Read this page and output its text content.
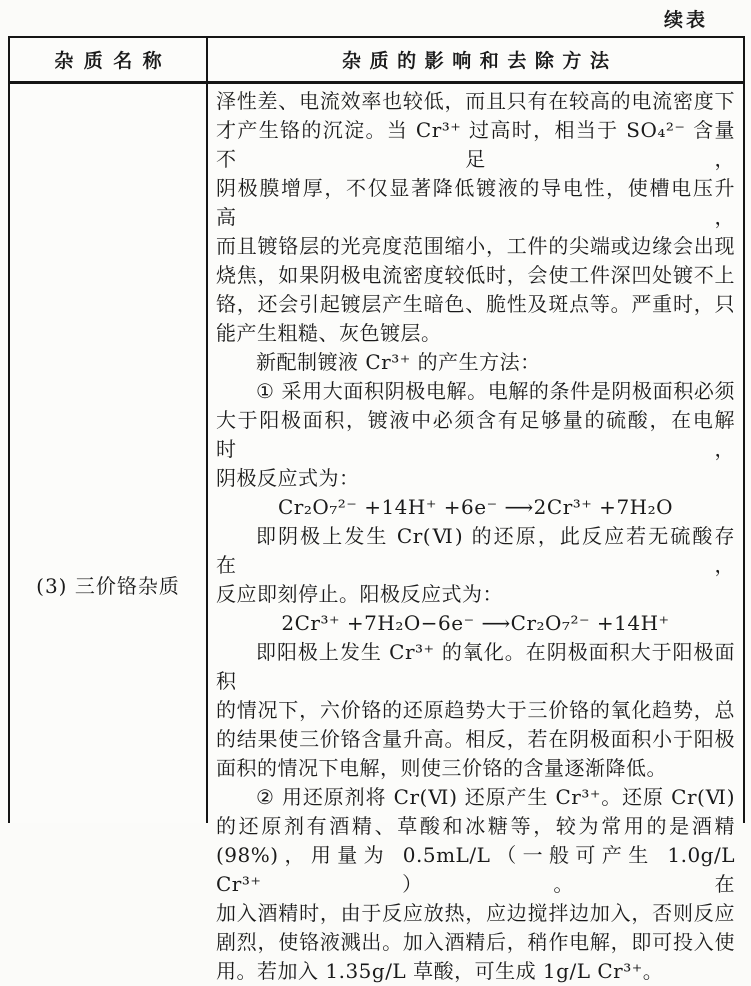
续表
杂质名称	杂质的影响和去除方法
(3) 三价铬杂质
泽性差、电流效率也较低，而且只有在较高的电流密度下
才产生铬的沉淀。当 Cr³⁺ 过高时，相当于 SO₄²⁻ 含量不足，
阴极膜增厚，不仅显著降低镀液的导电性，使槽电压升高，
而且镀铬层的光亮度范围缩小，工件的尖端或边缘会出现
烧焦，如果阴极电流密度较低时，会使工件深凹处镀不上
铬，还会引起镀层产生暗色、脆性及斑点等。严重时，只
能产生粗糙、灰色镀层。
新配制镀液 Cr³⁺ 的产生方法：
① 采用大面积阴极电解。电解的条件是阴极面积必须
大于阳极面积，镀液中必须含有足够量的硫酸，在电解时，
阴极反应式为：
Cr₂O₇²⁻ +14H⁺ +6e⁻ ⟶2Cr³⁺ +7H₂O
即阴极上发生 Cr(Ⅵ) 的还原，此反应若无硫酸存在，
反应即刻停止。阳极反应式为：
2Cr³⁺ +7H₂O−6e⁻ ⟶Cr₂O₇²⁻ +14H⁺
即阳极上发生 Cr³⁺ 的氧化。在阴极面积大于阳极面积
的情况下，六价铬的还原趋势大于三价铬的氧化趋势，总
的结果使三价铬含量升高。相反，若在阴极面积小于阳极
面积的情况下电解，则使三价铬的含量逐渐降低。
② 用还原剂将 Cr(Ⅵ) 还原产生 Cr³⁺。还原 Cr(Ⅵ)
的还原剂有酒精、草酸和冰糖等，较为常用的是酒精
(98%)，用量为 0.5mL/L（一般可产生 1.0g/L Cr³⁺）。在
加入酒精时，由于反应放热，应边搅拌边加入，否则反应
剧烈，使铬液溅出。加入酒精后，稍作电解，即可投入使
用。若加入 1.35g/L 草酸，可生成 1g/L Cr³⁺。
